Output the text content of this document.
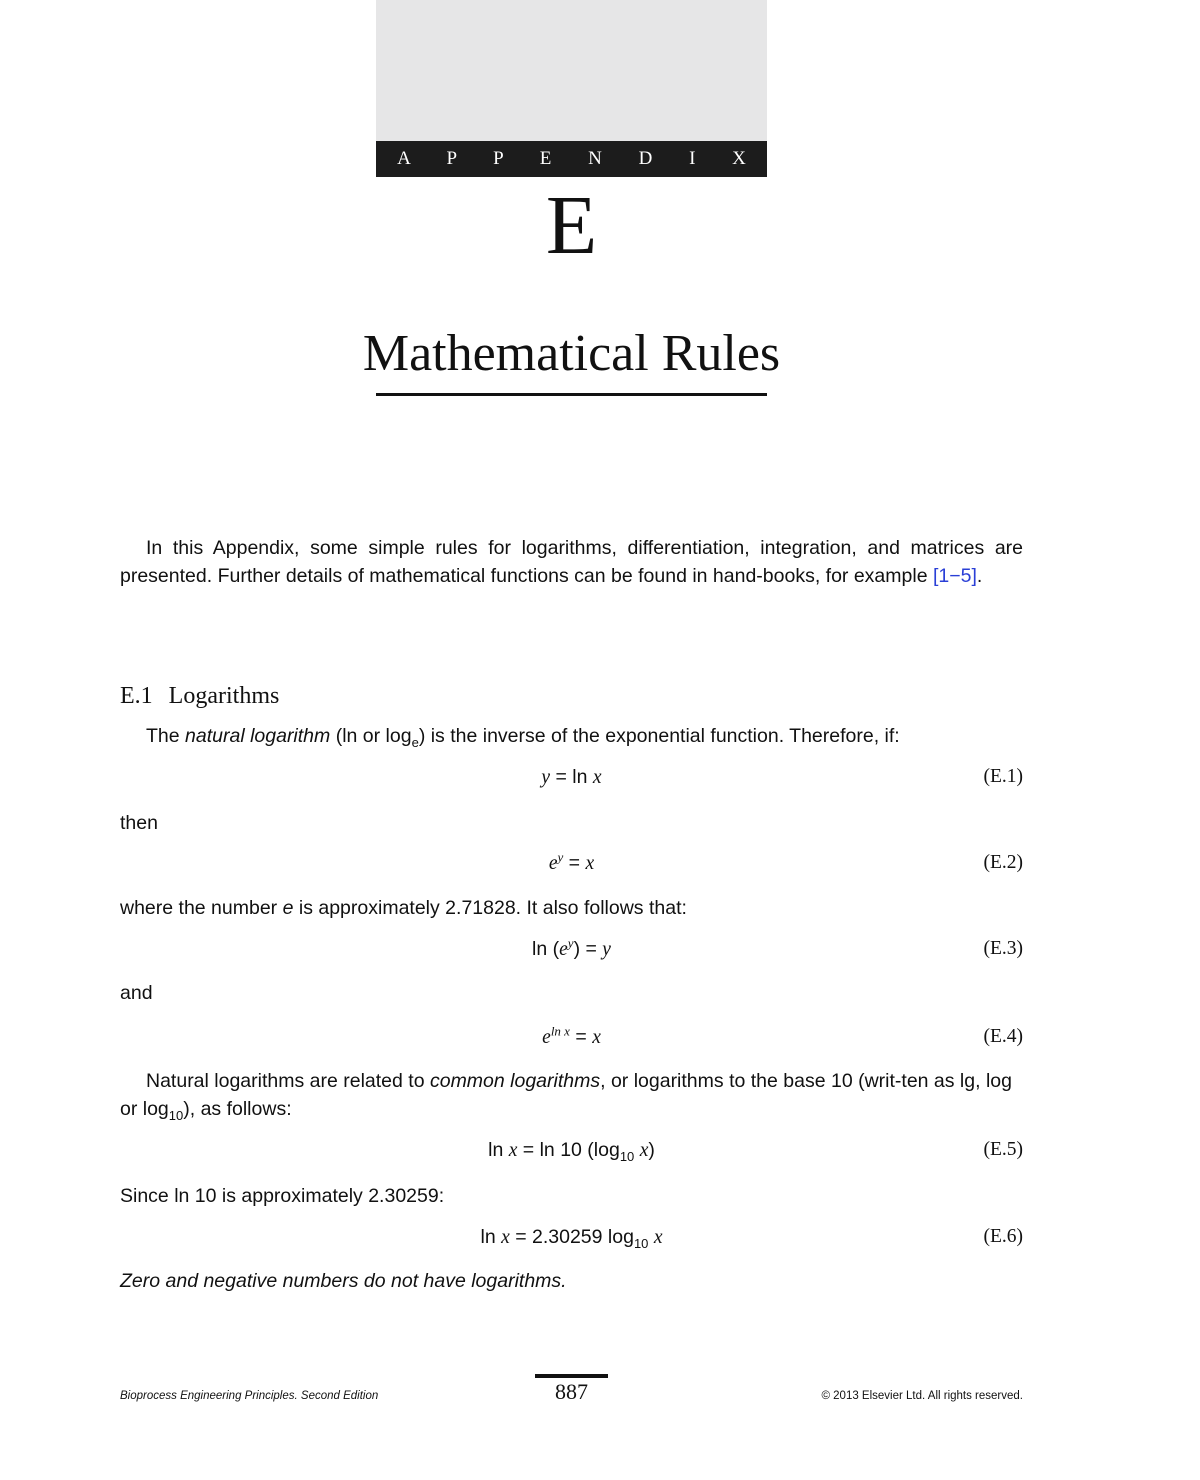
A P P E N D I X
E
Mathematical Rules
In this Appendix, some simple rules for logarithms, differentiation, integration, and matrices are presented. Further details of mathematical functions can be found in hand-books, for example [1−5].
E.1 Logarithms
The natural logarithm (ln or $\log_e$) is the inverse of the exponential function. Therefore, if:
y = ln x	(E.1)
then
$e^y = x$	(E.2)
where the number e is approximately 2.71828. It also follows that:
$\ln (e^y) = y$	(E.3)
and
$e^{ln x} = x$	(E.4)
Natural logarithms are related to common logarithms, or logarithms to the base 10 (writ-ten as lg, log or $\log_{10}$), as follows:
ln x = ln 10 ($\log_{10}$ x)	(E.5)
Since ln 10 is approximately 2.30259:
ln x = 2.30259 $\log_{10} x$	(E.6)
Zero and negative numbers do not have logarithms.
Bioprocess Engineering Principles. Second Edition	887	© 2013 Elsevier Ltd. All rights reserved.
